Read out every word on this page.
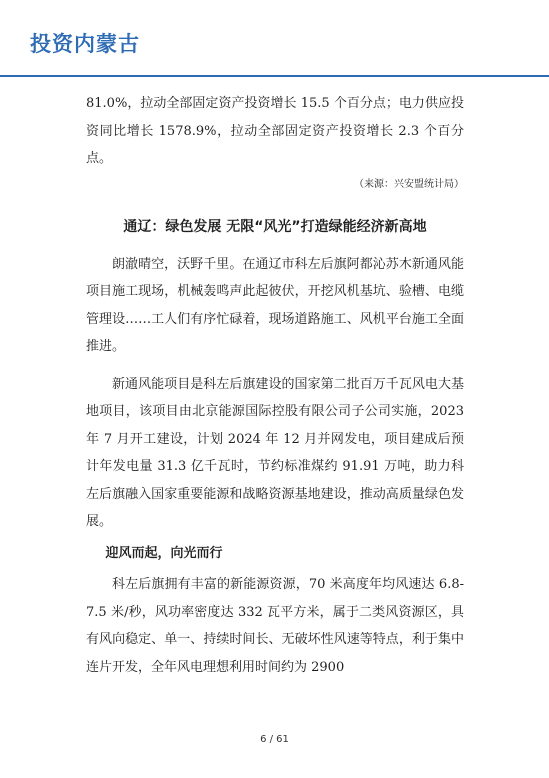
投资内蒙古

81.0%，拉动全部固定资产投资增长 15.5 个百分点；电力供应投资同比增长 1578.9%，拉动全部固定资产投资增长 2.3 个百分点。

（来源：兴安盟统计局）

通辽：绿色发展 无限“风光”打造绿能经济新高地

朗澈晴空，沃野千里。在通辽市科左后旗阿都沁苏木新通风能项目施工现场，机械轰鸣声此起彼伏，开挖风机基坑、验槽、电缆管理设……工人们有序忙碌着，现场道路施工、风机平台施工全面推进。

新通风能项目是科左后旗建设的国家第二批百万千瓦风电大基地项目，该项目由北京能源国际控股有限公司子公司实施，2023 年 7 月开工建设，计划 2024 年 12 月并网发电，项目建成后预计年发电量 31.3 亿千瓦时，节约标准煤约 91.91 万吨，助力科左后旗融入国家重要能源和战略资源基地建设，推动高质量绿色发展。

迎风而起，向光而行

科左后旗拥有丰富的新能源资源，70 米高度年均风速达 6.8-7.5 米/秒，风功率密度达 332 瓦平方米，属于二类风资源区，具有风向稳定、单一、持续时间长、无破坏性风速等特点，利于集中连片开发，全年风电理想利用时间约为 2900

6 / 61
